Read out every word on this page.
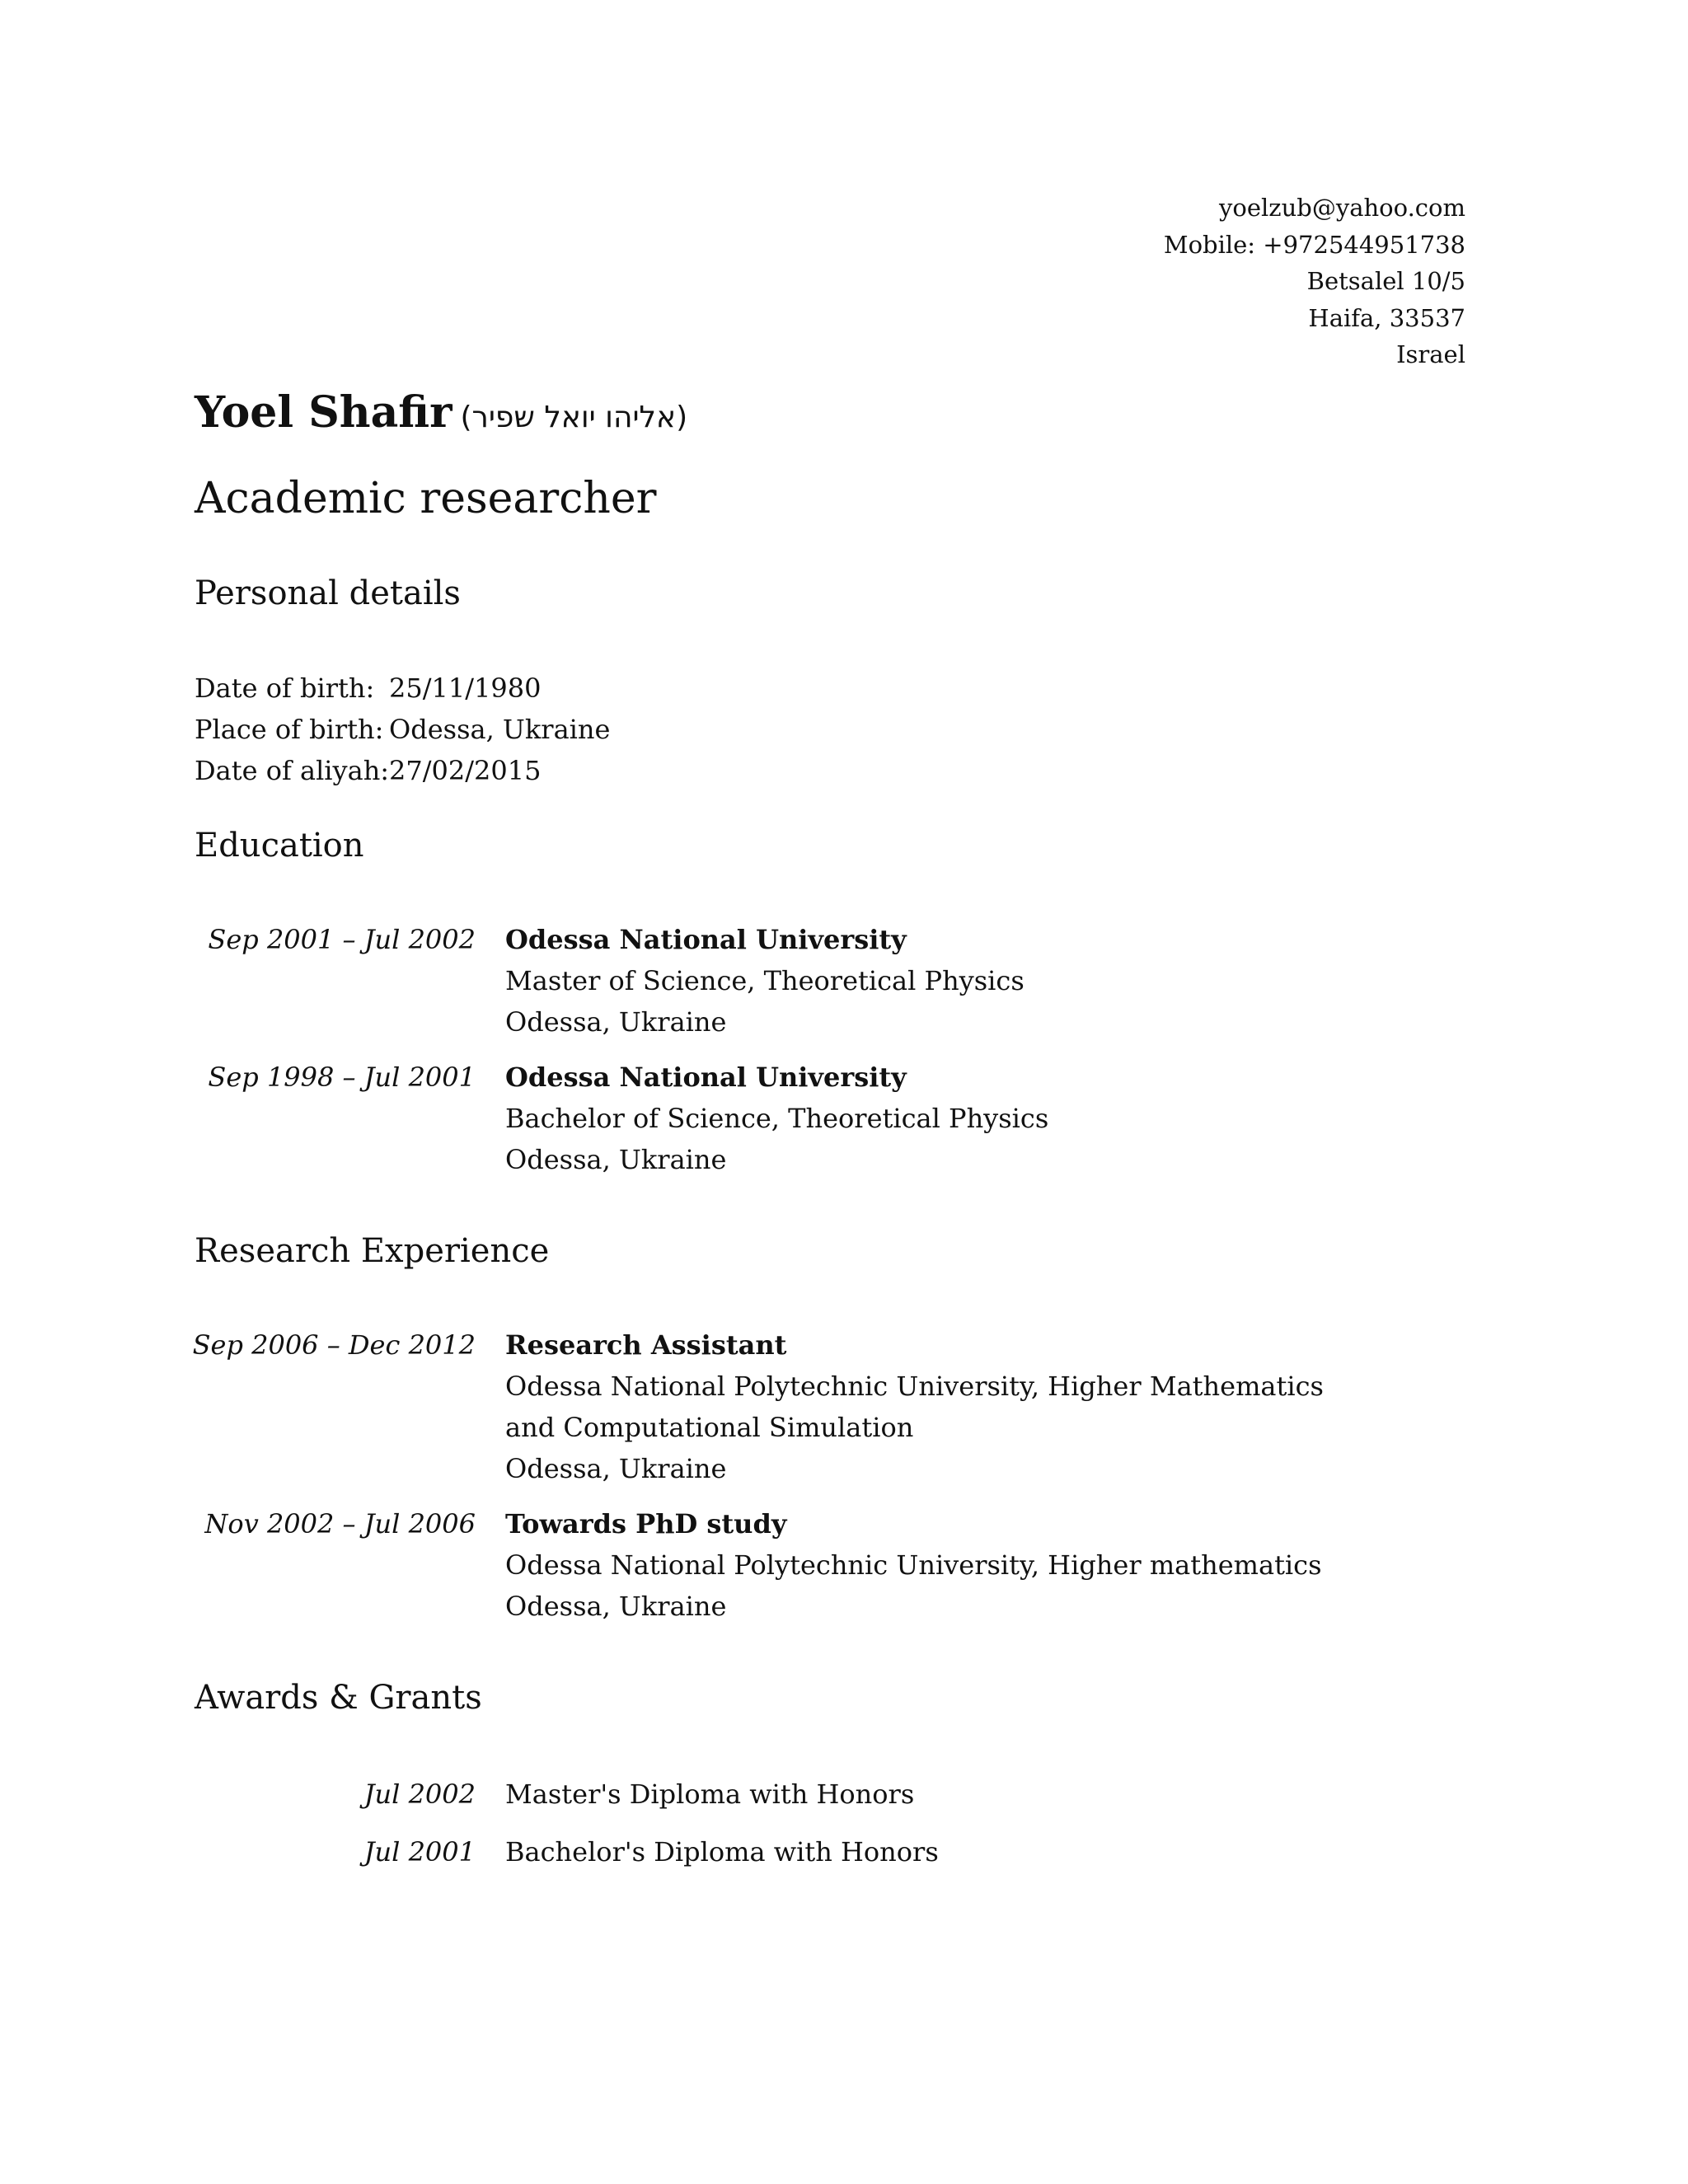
yoelzub@yahoo.com
Mobile: +972544951738
Betsalel 10/5
Haifa, 33537
Israel
Yoel Shafir (אליהו יואל שפיר)
Academic researcher
Personal details
Date of birth: 25/11/1980
Place of birth: Odessa, Ukraine
Date of aliyah: 27/02/2015
Education
Sep 2001 – Jul 2002 Odessa National University
Master of Science, Theoretical Physics
Odessa, Ukraine
Sep 1998 – Jul 2001 Odessa National University
Bachelor of Science, Theoretical Physics
Odessa, Ukraine
Research Experience
Sep 2006 – Dec 2012 Research Assistant
Odessa National Polytechnic University, Higher Mathematics and Computational Simulation
Odessa, Ukraine
Nov 2002 – Jul 2006 Towards PhD study
Odessa National Polytechnic University, Higher mathematics
Odessa, Ukraine
Awards & Grants
Jul 2002 Master's Diploma with Honors
Jul 2001 Bachelor's Diploma with Honors
